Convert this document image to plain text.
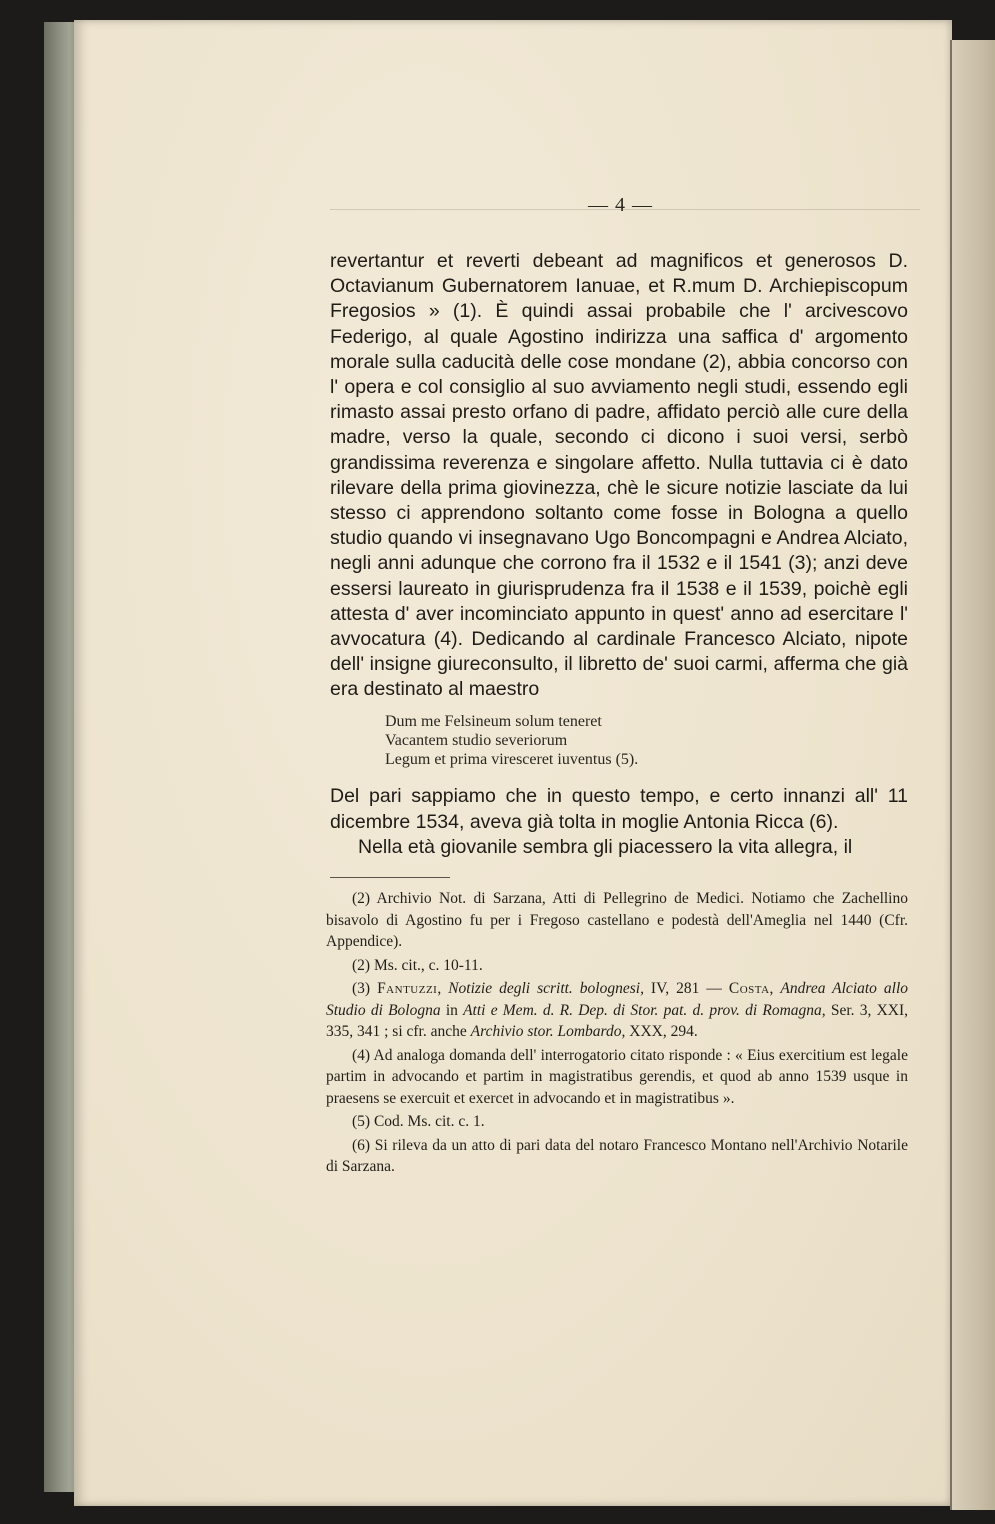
— 4 —

revertantur et reverti debeant ad magnificos et generosos D. Octavianum Gubernatorem Ianuae, et R.mum D. Archiepiscopum Fregosios » (1). È quindi assai probabile che l' arcivescovo Federigo, al quale Agostino indirizza una saffica d' argomento morale sulla caducità delle cose mondane (2), abbia concorso con l' opera e col consiglio al suo avviamento negli studi, essendo egli rimasto assai presto orfano di padre, affidato perciò alle cure della madre, verso la quale, secondo ci dicono i suoi versi, serbò grandissima reverenza e singolare affetto. Nulla tuttavia ci è dato rilevare della prima giovinezza, chè le sicure notizie lasciate da lui stesso ci apprendono soltanto come fosse in Bologna a quello studio quando vi insegnavano Ugo Boncompagni e Andrea Alciato, negli anni adunque che corrono fra il 1532 e il 1541 (3); anzi deve essersi laureato in giurisprudenza fra il 1538 e il 1539, poichè egli attesta d' aver incominciato appunto in quest' anno ad esercitare l' avvocatura (4). Dedicando al cardinale Francesco Alciato, nipote dell' insigne giureconsulto, il libretto de' suoi carmi, afferma che già era destinato al maestro

Dum me Felsineum solum teneret
Vacantem studio severiorum
Legum et prima viresceret iuventus (5).

Del pari sappiamo che in questo tempo, e certo innanzi all' 11 dicembre 1534, aveva già tolta in moglie Antonia Ricca (6).

Nella età giovanile sembra gli piacessero la vita allegra, il

(2) Archivio Not. di Sarzana, Atti di Pellegrino de Medici. Notiamo che Zachellino bisavolo di Agostino fu per i Fregoso castellano e podestà dell'Ameglia nel 1440 (Cfr. Appendice).

(2) Ms. cit., c. 10-11.

(3) Fantuzzi, Notizie degli scritt. bolognesi, IV, 281 — Costa, Andrea Alciato allo Studio di Bologna in Atti e Mem. d. R. Dep. di Stor. pat. d. prov. di Romagna, Ser. 3, XXI, 335, 341 ; si cfr. anche Archivio stor. Lombardo, XXX, 294.

(4) Ad analoga domanda dell' interrogatorio citato risponde : « Eius exercitium est legale partim in advocando et partim in magistratibus gerendis, et quod ab anno 1539 usque in praesens se exercuit et exercet in advocando et in magistratibus ».

(5) Cod. Ms. cit. c. 1.

(6) Si rileva da un atto di pari data del notaro Francesco Montano nell'Archivio Notarile di Sarzana.
